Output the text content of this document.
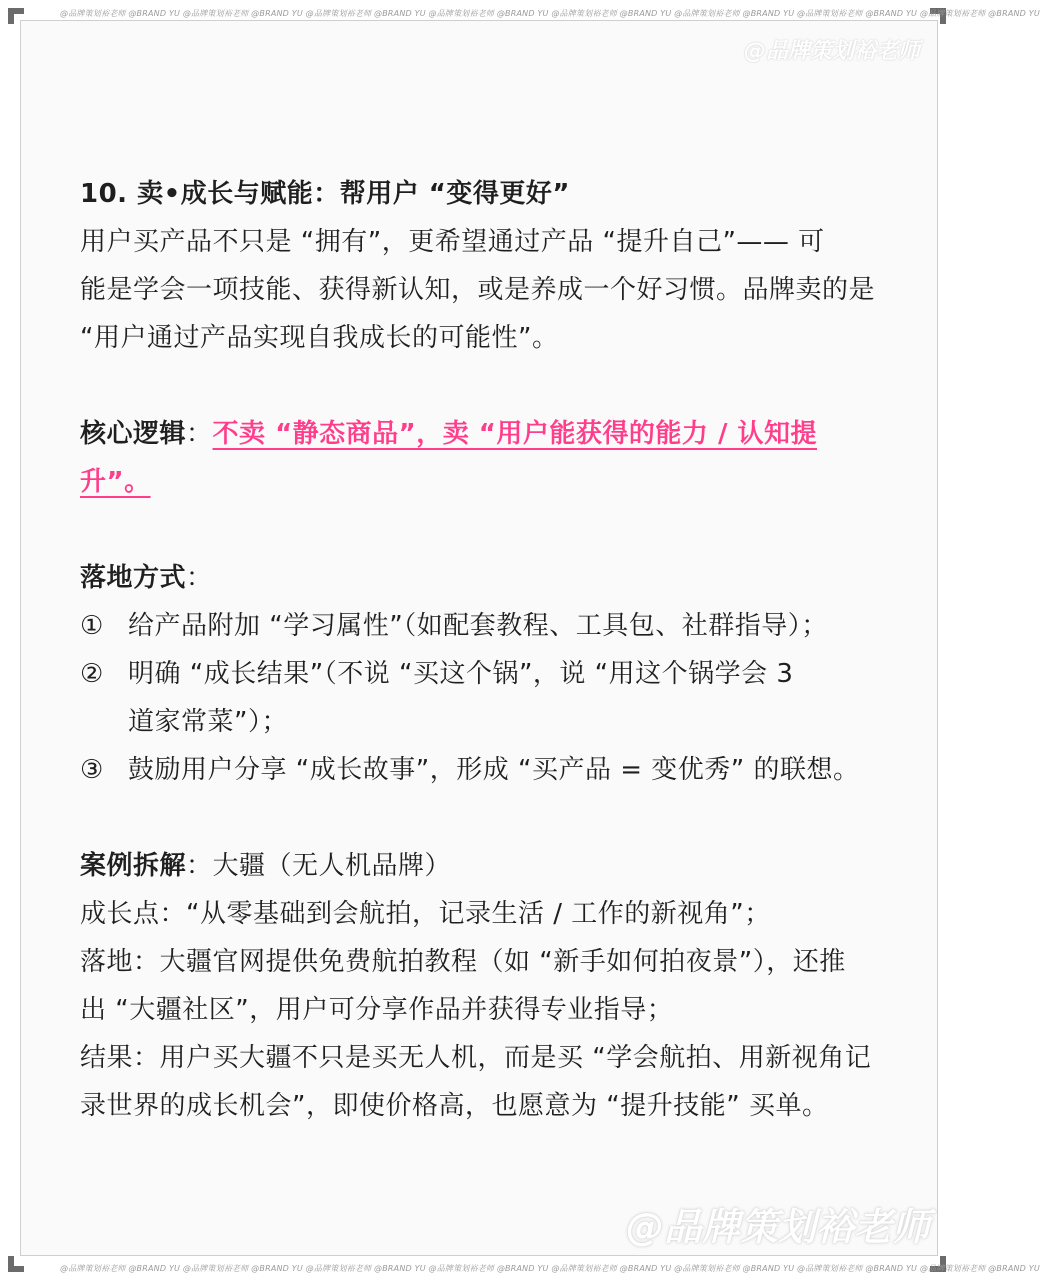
@品牌策划裕老师 @BRAND YU @品牌策划裕老师 @BRAND YU @品牌策划裕老师 @BRAND YU @品牌策划裕老师 @BRAND YU @品牌策划裕老师 @BRAND YU @品牌策划裕老师 @BRAND YU @品牌策划裕老师 @BRAND YU @品牌策划裕老师 @BRAND YU
@品牌策划裕老师 @BRAND YU @品牌策划裕老师 @BRAND YU @品牌策划裕老师 @BRAND YU @品牌策划裕老师 @BRAND YU @品牌策划裕老师 @BRAND YU @品牌策划裕老师 @BRAND YU @品牌策划裕老师 @BRAND YU @品牌策划裕老师 @BRAND YU
@品牌策划裕老师

10. 卖•成长与赋能：帮用户 “变得更好”

用户买产品不只是 “拥有”，更希望通过产品 “提升自己”—— 可

能是学会一项技能、获得新认知，或是养成一个好习惯。品牌卖的是

“用户通过产品实现自我成长的可能性”。

核心逻辑：不卖 “静态商品”，卖 “用户能获得的能力 / 认知提

升”。

落地方式：

① 给产品附加 “学习属性”（如配套教程、工具包、社群指导）；

② 明确 “成长结果”（不说 “买这个锅”，说 “用这个锅学会 3

道家常菜”）；

③ 鼓励用户分享 “成长故事”，形成 “买产品 = 变优秀” 的联想。

案例拆解：大疆（无人机品牌）

成长点：“从零基础到会航拍，记录生活 / 工作的新视角”；

落地：大疆官网提供免费航拍教程（如 “新手如何拍夜景”），还推

出 “大疆社区”，用户可分享作品并获得专业指导；

结果：用户买大疆不只是买无人机，而是买 “学会航拍、用新视角记

录世界的成长机会”，即使价格高，也愿意为 “提升技能” 买单。

@品牌策划裕老师
